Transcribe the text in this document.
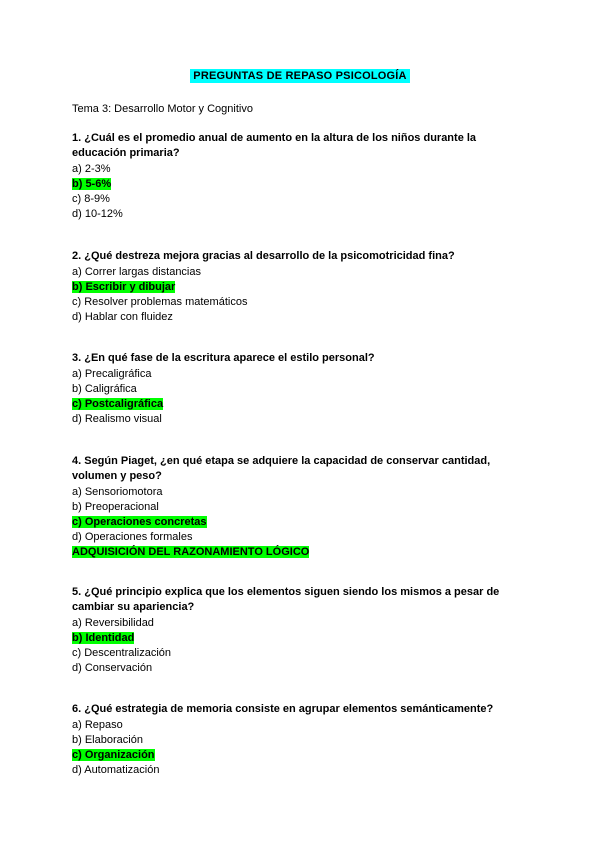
PREGUNTAS DE REPASO PSICOLOGÍA
Tema 3: Desarrollo Motor y Cognitivo
1. ¿Cuál es el promedio anual de aumento en la altura de los niños durante la educación primaria?
a) 2-3%
b) 5-6%
c) 8-9%
d) 10-12%
2. ¿Qué destreza mejora gracias al desarrollo de la psicomotricidad fina?
a) Correr largas distancias
b) Escribir y dibujar
c) Resolver problemas matemáticos
d) Hablar con fluidez
3. ¿En qué fase de la escritura aparece el estilo personal?
a) Precaligráfica
b) Caligráfica
c) Postcaligráfica
d) Realismo visual
4. Según Piaget, ¿en qué etapa se adquiere la capacidad de conservar cantidad, volumen y peso?
a) Sensoriomotora
b) Preoperacional
c) Operaciones concretas
d) Operaciones formales
ADQUISICIÓN DEL RAZONAMIENTO LÓGICO
5. ¿Qué principio explica que los elementos siguen siendo los mismos a pesar de cambiar su apariencia?
a) Reversibilidad
b) Identidad
c) Descentralización
d) Conservación
6. ¿Qué estrategia de memoria consiste en agrupar elementos semánticamente?
a) Repaso
b) Elaboración
c) Organización
d) Automatización
